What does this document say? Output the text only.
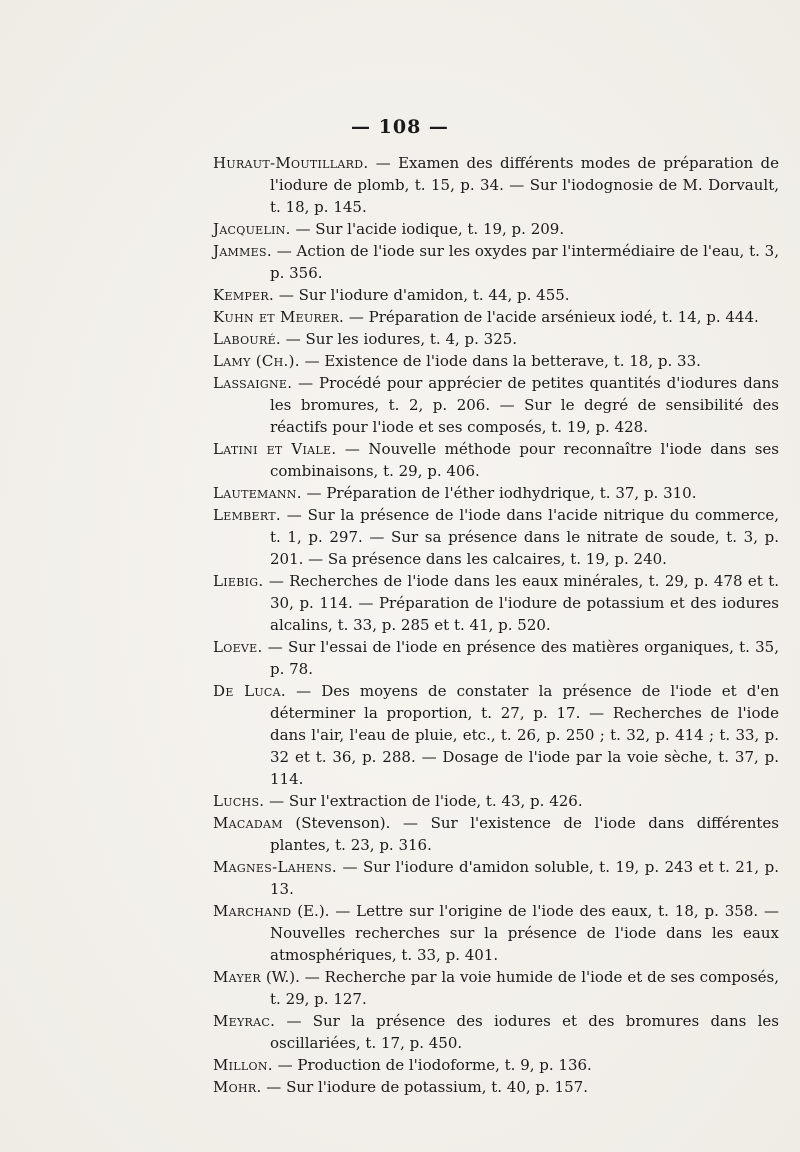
— 108 —

Huraut-Moutillard. — Examen des différents modes de préparation de l'iodure de plomb, t. 15, p. 34. — Sur l'iodognosie de M. Dorvault, t. 18, p. 145.

Jacquelin. — Sur l'acide iodique, t. 19, p. 209.

Jammes. — Action de l'iode sur les oxydes par l'intermédiaire de l'eau, t. 3, p. 356.

Kemper. — Sur l'iodure d'amidon, t. 44, p. 455.

Kuhn et Meurer. — Préparation de l'acide arsénieux iodé, t. 14, p. 444.

Labouré. — Sur les iodures, t. 4, p. 325.

Lamy (Ch.). — Existence de l'iode dans la betterave, t. 18, p. 33.

Lassaigne. — Procédé pour apprécier de petites quantités d'iodures dans les bromures, t. 2, p. 206. — Sur le degré de sensibilité des réactifs pour l'iode et ses composés, t. 19, p. 428.

Latini et Viale. — Nouvelle méthode pour reconnaître l'iode dans ses combinaisons, t. 29, p. 406.

Lautemann. — Préparation de l'éther iodhydrique, t. 37, p. 310.

Lembert. — Sur la présence de l'iode dans l'acide nitrique du commerce, t. 1, p. 297. — Sur sa présence dans le nitrate de soude, t. 3, p. 201. — Sa présence dans les calcaires, t. 19, p. 240.

Liebig. — Recherches de l'iode dans les eaux minérales, t. 29, p. 478 et t. 30, p. 114. — Préparation de l'iodure de potassium et des iodures alcalins, t. 33, p. 285 et t. 41, p. 520.

Loeve. — Sur l'essai de l'iode en présence des matières organiques, t. 35, p. 78.

De Luca. — Des moyens de constater la présence de l'iode et d'en déterminer la proportion, t. 27, p. 17. — Recherches de l'iode dans l'air, l'eau de pluie, etc., t. 26, p. 250 ; t. 32, p. 414 ; t. 33, p. 32 et t. 36, p. 288. — Dosage de l'iode par la voie sèche, t. 37, p. 114.

Luchs. — Sur l'extraction de l'iode, t. 43, p. 426.

Macadam (Stevenson). — Sur l'existence de l'iode dans différentes plantes, t. 23, p. 316.

Magnes-Lahens. — Sur l'iodure d'amidon soluble, t. 19, p. 243 et t. 21, p. 13.

Marchand (E.). — Lettre sur l'origine de l'iode des eaux, t. 18, p. 358. — Nouvelles recherches sur la présence de l'iode dans les eaux atmosphériques, t. 33, p. 401.

Mayer (W.). — Recherche par la voie humide de l'iode et de ses composés, t. 29, p. 127.

Meyrac. — Sur la présence des iodures et des bromures dans les oscillariées, t. 17, p. 450.

Millon. — Production de l'iodoforme, t. 9, p. 136.

Mohr. — Sur l'iodure de potassium, t. 40, p. 157.
